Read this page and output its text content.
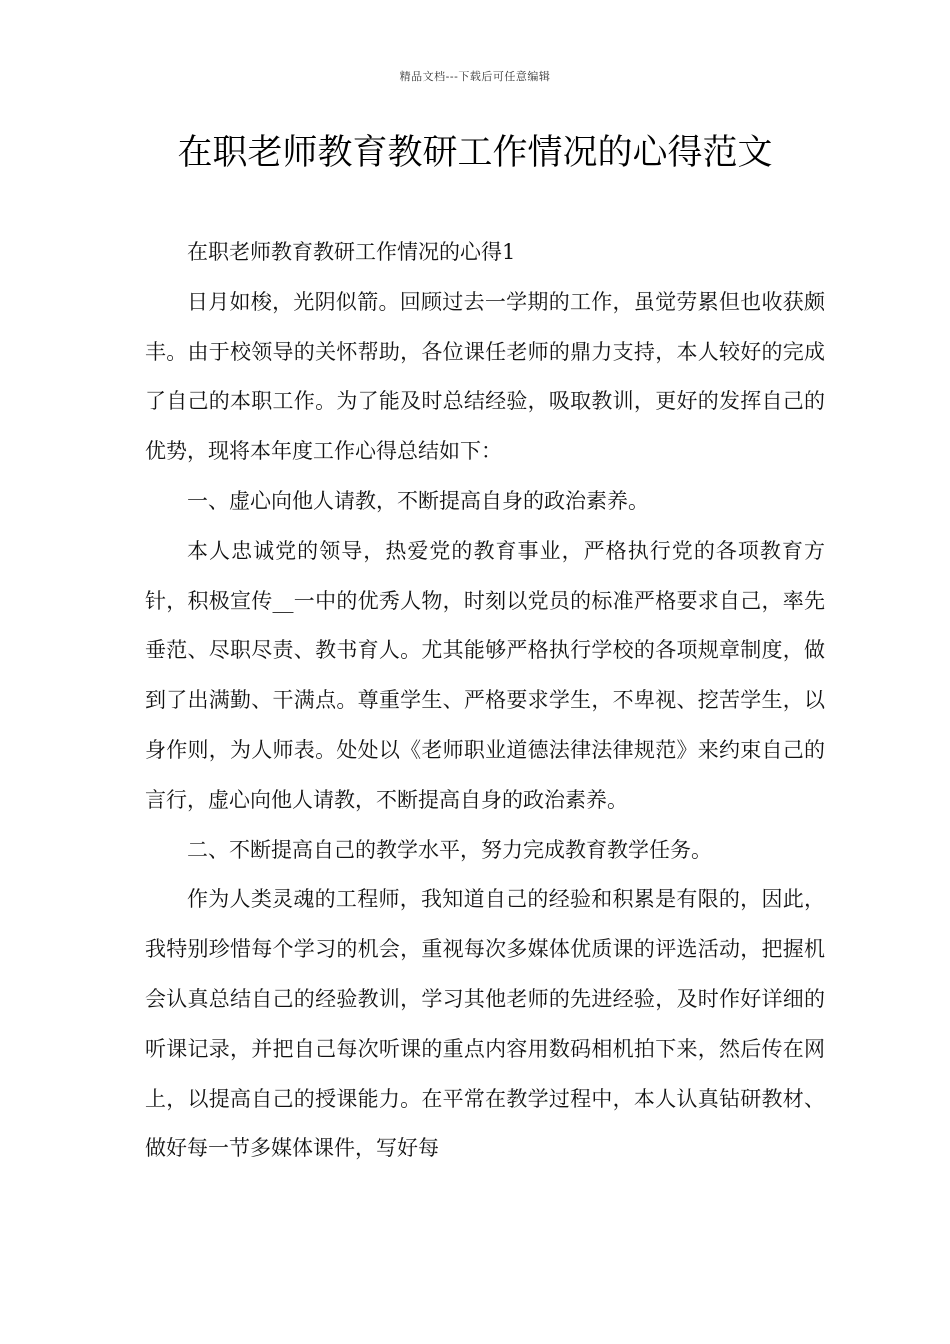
精品文档---下载后可任意编辑
在职老师教育教研工作情况的心得范文

在职老师教育教研工作情况的心得1

日月如梭，光阴似箭。回顾过去一学期的工作，虽觉劳累但也收获颇丰。由于校领导的关怀帮助，各位课任老师的鼎力支持，本人较好的完成了自己的本职工作。为了能及时总结经验，吸取教训，更好的发挥自己的优势，现将本年度工作心得总结如下：

一、虚心向他人请教，不断提高自身的政治素养。

本人忠诚党的领导，热爱党的教育事业，严格执行党的各项教育方针，积极宣传__一中的优秀人物，时刻以党员的标准严格要求自己，率先垂范、尽职尽责、教书育人。尤其能够严格执行学校的各项规章制度，做到了出满勤、干满点。尊重学生、严格要求学生，不卑视、挖苦学生，以身作则，为人师表。处处以《老师职业道德法律法律规范》来约束自己的言行，虚心向他人请教，不断提高自身的政治素养。

二、不断提高自己的教学水平，努力完成教育教学任务。

作为人类灵魂的工程师，我知道自己的经验和积累是有限的，因此，我特别珍惜每个学习的机会，重视每次多媒体优质课的评选活动，把握机会认真总结自己的经验教训，学习其他老师的先进经验，及时作好详细的听课记录，并把自己每次听课的重点内容用数码相机拍下来，然后传在网上，以提高自己的授课能力。在平常在教学过程中，本人认真钻研教材、做好每一节多媒体课件，写好每
